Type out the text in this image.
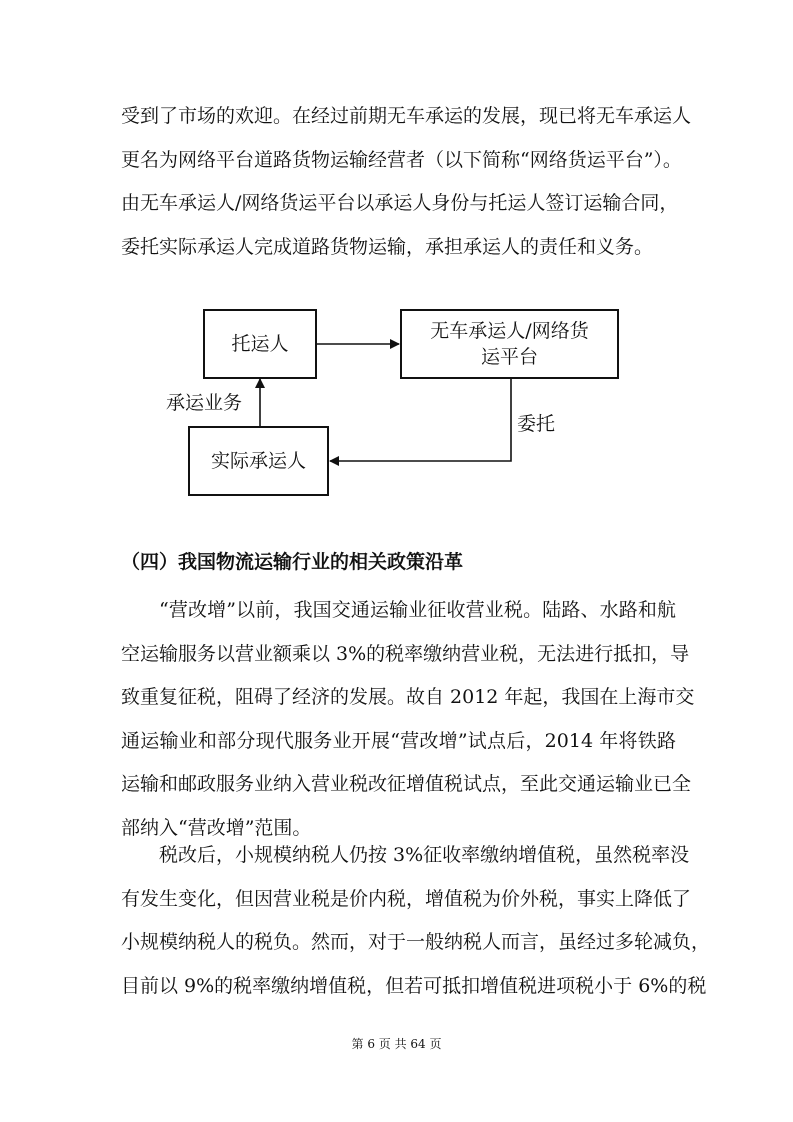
受到了市场的欢迎。在经过前期无车承运的发展，现已将无车承运人
更名为网络平台道路货物运输经营者（以下简称“网络货运平台”）。
由无车承运人/网络货运平台以承运人身份与托运人签订运输合同，
委托实际承运人完成道路货物运输，承担承运人的责任和义务。
托运人
无车承运人/网络货
运平台
实际承运人
承运业务
委托
（四）我国物流运输行业的相关政策沿革
“营改增”以前，我国交通运输业征收营业税。陆路、水路和航
空运输服务以营业额乘以 3%的税率缴纳营业税，无法进行抵扣，导
致重复征税，阻碍了经济的发展。故自 2012 年起，我国在上海市交
通运输业和部分现代服务业开展“营改增”试点后，2014 年将铁路
运输和邮政服务业纳入营业税改征增值税试点，至此交通运输业已全
部纳入“营改增”范围。
税改后，小规模纳税人仍按 3%征收率缴纳增值税，虽然税率没
有发生变化，但因营业税是价内税，增值税为价外税，事实上降低了
小规模纳税人的税负。然而，对于一般纳税人而言，虽经过多轮减负，
目前以 9%的税率缴纳增值税，但若可抵扣增值税进项税小于 6%的税
第 6 页 共 64 页
